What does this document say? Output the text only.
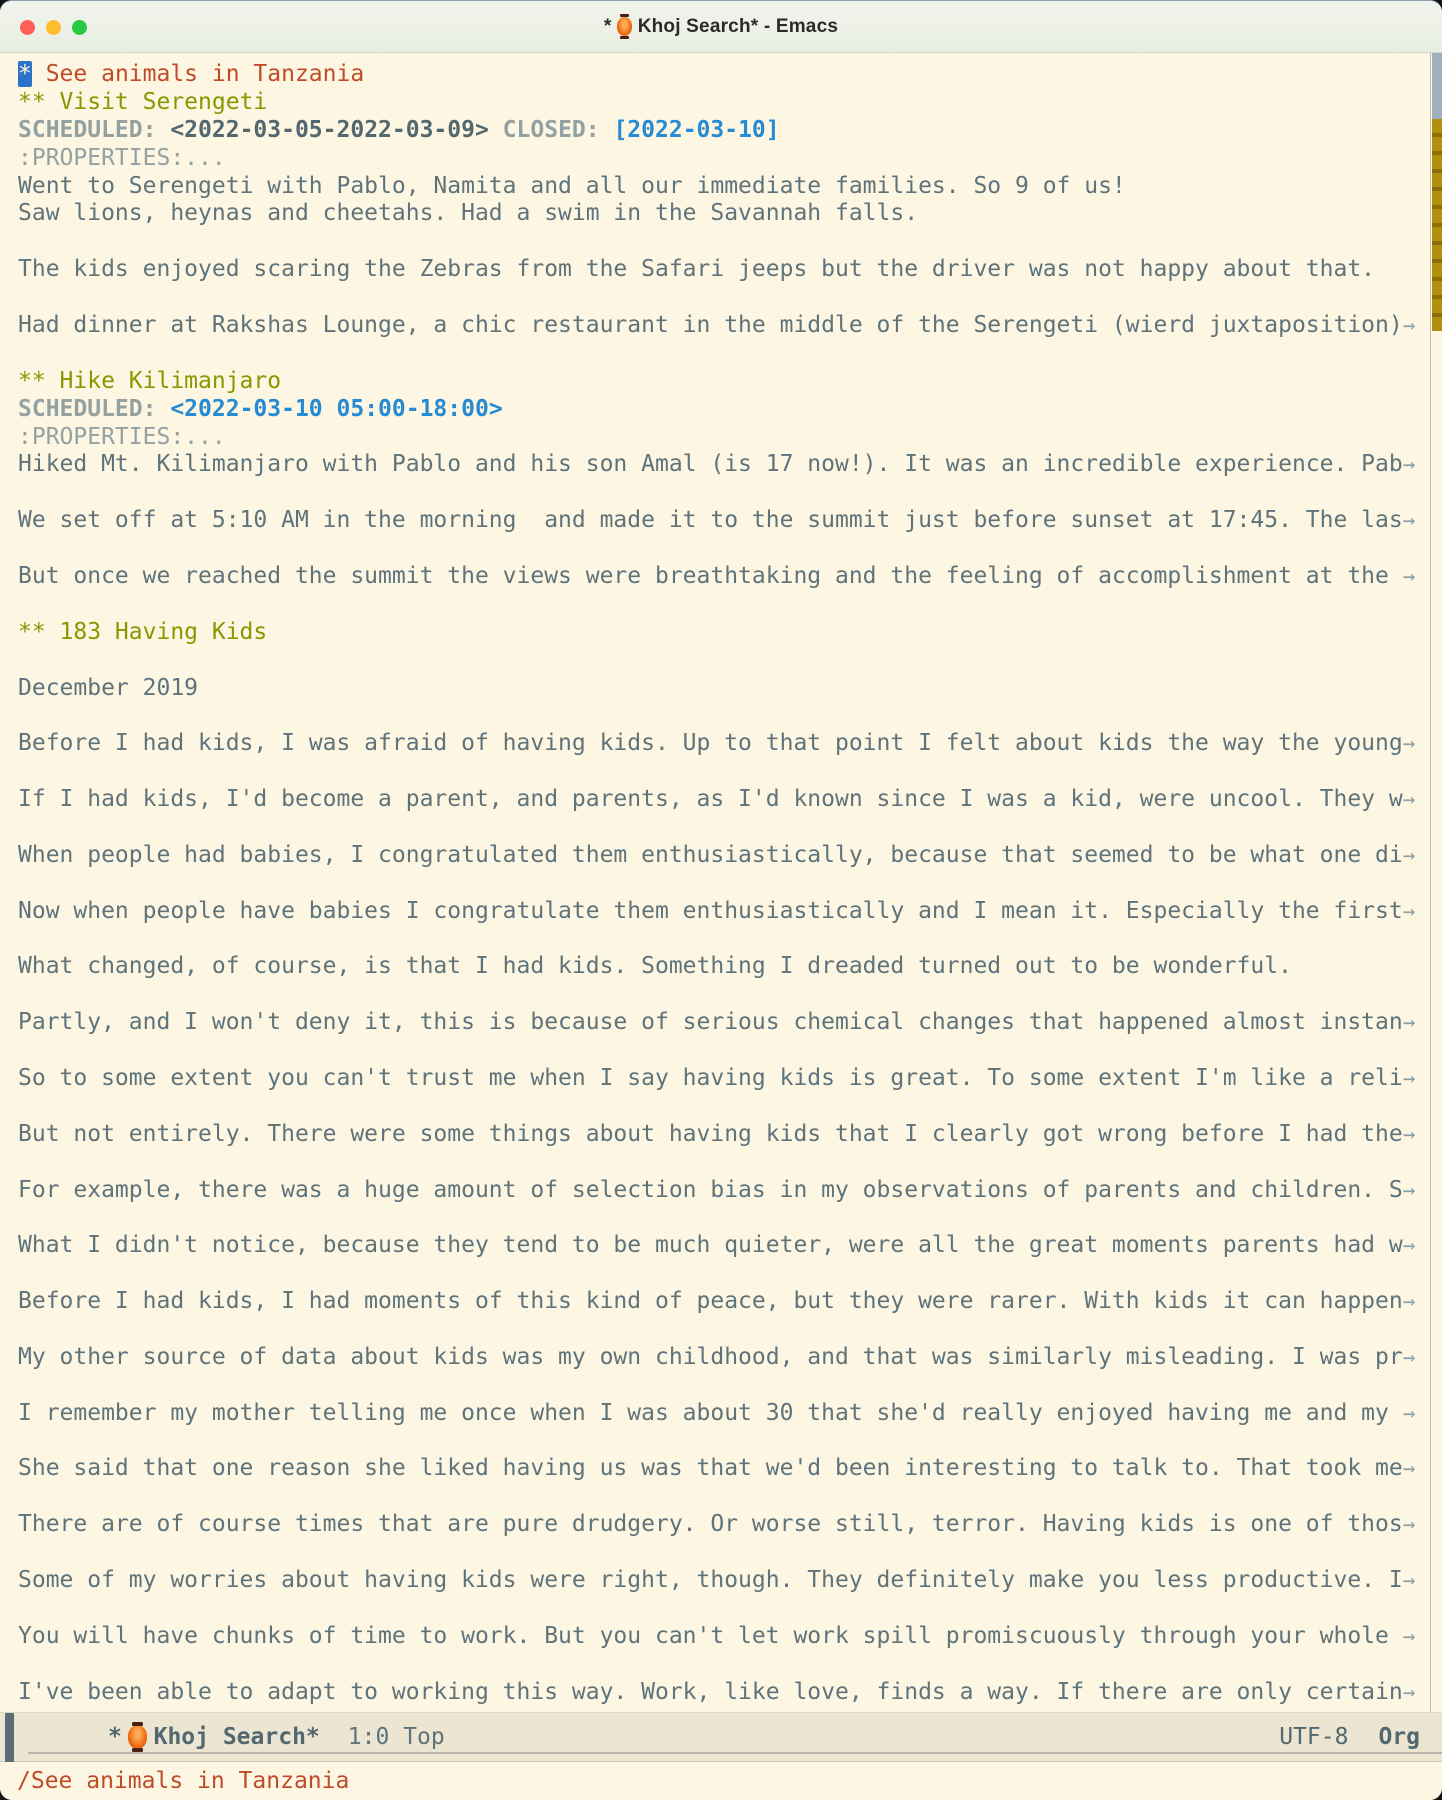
* Khoj Search* - Emacs
* See animals in Tanzania
** Visit Serengeti
SCHEDULED: <2022-03-05-2022-03-09> CLOSED: [2022-03-10]
:PROPERTIES:...
Went to Serengeti with Pablo, Namita and all our immediate families. So 9 of us!
Saw lions, heynas and cheetahs. Had a swim in the Savannah falls.
The kids enjoyed scaring the Zebras from the Safari jeeps but the driver was not happy about that.
Had dinner at Rakshas Lounge, a chic restaurant in the middle of the Serengeti (wierd juxtaposition) →
** Hike Kilimanjaro
SCHEDULED: <2022-03-10 05:00-18:00>
:PROPERTIES:...
Hiked Mt. Kilimanjaro with Pablo and his son Amal (is 17 now!). It was an incredible experience. Pab →
We set off at 5:10 AM in the morning  and made it to the summit just before sunset at 17:45. The las →
But once we reached the summit the views were breathtaking and the feeling of accomplishment at the →
** 183 Having Kids
December 2019
Before I had kids, I was afraid of having kids. Up to that point I felt about kids the way the young →
If I had kids, I'd become a parent, and parents, as I'd known since I was a kid, were uncool. They w →
When people had babies, I congratulated them enthusiastically, because that seemed to be what one di →
Now when people have babies I congratulate them enthusiastically and I mean it. Especially the first →
What changed, of course, is that I had kids. Something I dreaded turned out to be wonderful.
Partly, and I won't deny it, this is because of serious chemical changes that happened almost instan →
So to some extent you can't trust me when I say having kids is great. To some extent I'm like a reli →
But not entirely. There were some things about having kids that I clearly got wrong before I had the →
For example, there was a huge amount of selection bias in my observations of parents and children. S →
What I didn't notice, because they tend to be much quieter, were all the great moments parents had w →
Before I had kids, I had moments of this kind of peace, but they were rarer. With kids it can happen →
My other source of data about kids was my own childhood, and that was similarly misleading. I was pr →
I remember my mother telling me once when I was about 30 that she'd really enjoyed having me and my →
She said that one reason she liked having us was that we'd been interesting to talk to. That took me →
There are of course times that are pure drudgery. Or worse still, terror. Having kids is one of thos →
Some of my worries about having kids were right, though. They definitely make you less productive. I →
You will have chunks of time to work. But you can't let work spill promiscuously through your whole →
I've been able to adapt to working this way. Work, like love, finds a way. If there are only certain →
* Khoj Search* 1:0 Top	UTF-8 Org
/See animals in Tanzania
